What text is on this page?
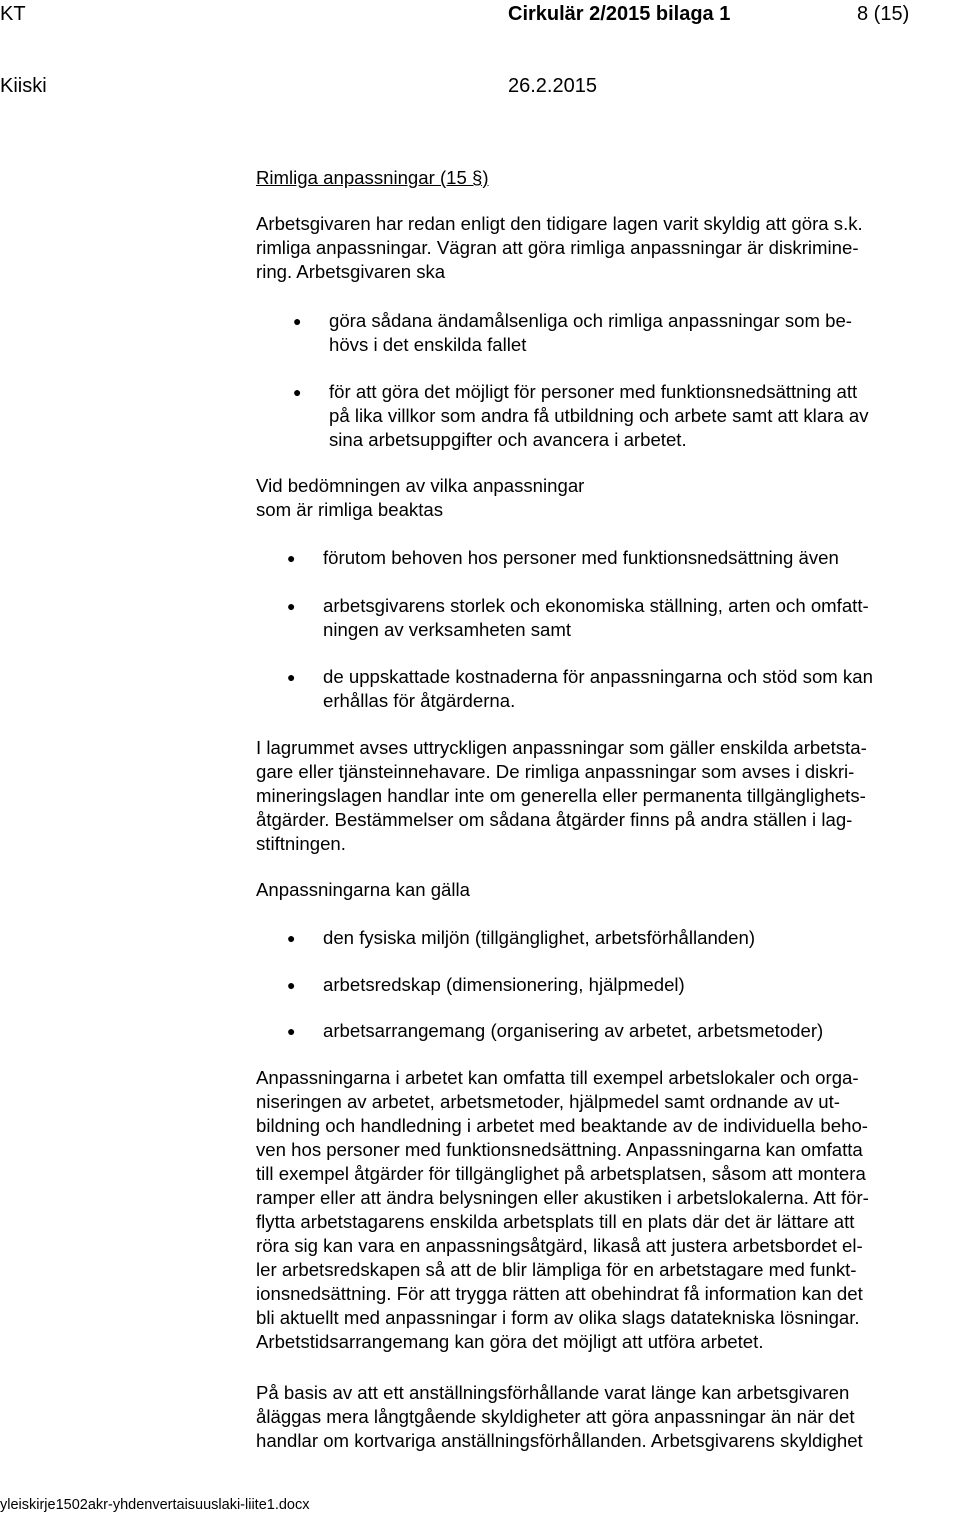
KT	Cirkulär 2/2015 bilaga 1	8 (15)
Kiiski	26.2.2015
Rimliga anpassningar (15 §)
Arbetsgivaren har redan enligt den tidigare lagen varit skyldig att göra s.k.
rimliga anpassningar. Vägran att göra rimliga anpassningar är diskrimine-
ring. Arbetsgivaren ska
● göra sådana ändamålsenliga och rimliga anpassningar som be-
hövs i det enskilda fallet
● för att göra det möjligt för personer med funktionsnedsättning att
på lika villkor som andra få utbildning och arbete samt att klara av
sina arbetsuppgifter och avancera i arbetet.
Vid bedömningen av vilka anpassningar
som är rimliga beaktas
● förutom behoven hos personer med funktionsnedsättning även
● arbetsgivarens storlek och ekonomiska ställning, arten och omfatt-
ningen av verksamheten samt
● de uppskattade kostnaderna för anpassningarna och stöd som kan
erhållas för åtgärderna.
I lagrummet avses uttryckligen anpassningar som gäller enskilda arbetsta-
gare eller tjänsteinnehavare. De rimliga anpassningar som avses i diskri-
mineringslagen handlar inte om generella eller permanenta tillgänglighets-
åtgärder. Bestämmelser om sådana åtgärder finns på andra ställen i lag-
stiftningen.
Anpassningarna kan gälla
● den fysiska miljön (tillgänglighet, arbetsförhållanden)
● arbetsredskap (dimensionering, hjälpmedel)
● arbetsarrangemang (organisering av arbetet, arbetsmetoder)
Anpassningarna i arbetet kan omfatta till exempel arbetslokaler och orga-
niseringen av arbetet, arbetsmetoder, hjälpmedel samt ordnande av ut-
bildning och handledning i arbetet med beaktande av de individuella beho-
ven hos personer med funktionsnedsättning. Anpassningarna kan omfatta
till exempel åtgärder för tillgänglighet på arbetsplatsen, såsom att montera
ramper eller att ändra belysningen eller akustiken i arbetslokalerna. Att för-
flytta arbetstagarens enskilda arbetsplats till en plats där det är lättare att
röra sig kan vara en anpassningsåtgärd, likaså att justera arbetsbordet el-
ler arbetsredskapen så att de blir lämpliga för en arbetstagare med funkt-
ionsnedsättning. För att trygga rätten att obehindrat få information kan det
bli aktuellt med anpassningar i form av olika slags datatekniska lösningar.
Arbetstidsarrangemang kan göra det möjligt att utföra arbetet.
På basis av att ett anställningsförhållande varat länge kan arbetsgivaren
åläggas mera långtgående skyldigheter att göra anpassningar än när det
handlar om kortvariga anställningsförhållanden. Arbetsgivarens skyldighet
yleiskirje1502akr-yhdenvertaisuuslaki-liite1.docx
